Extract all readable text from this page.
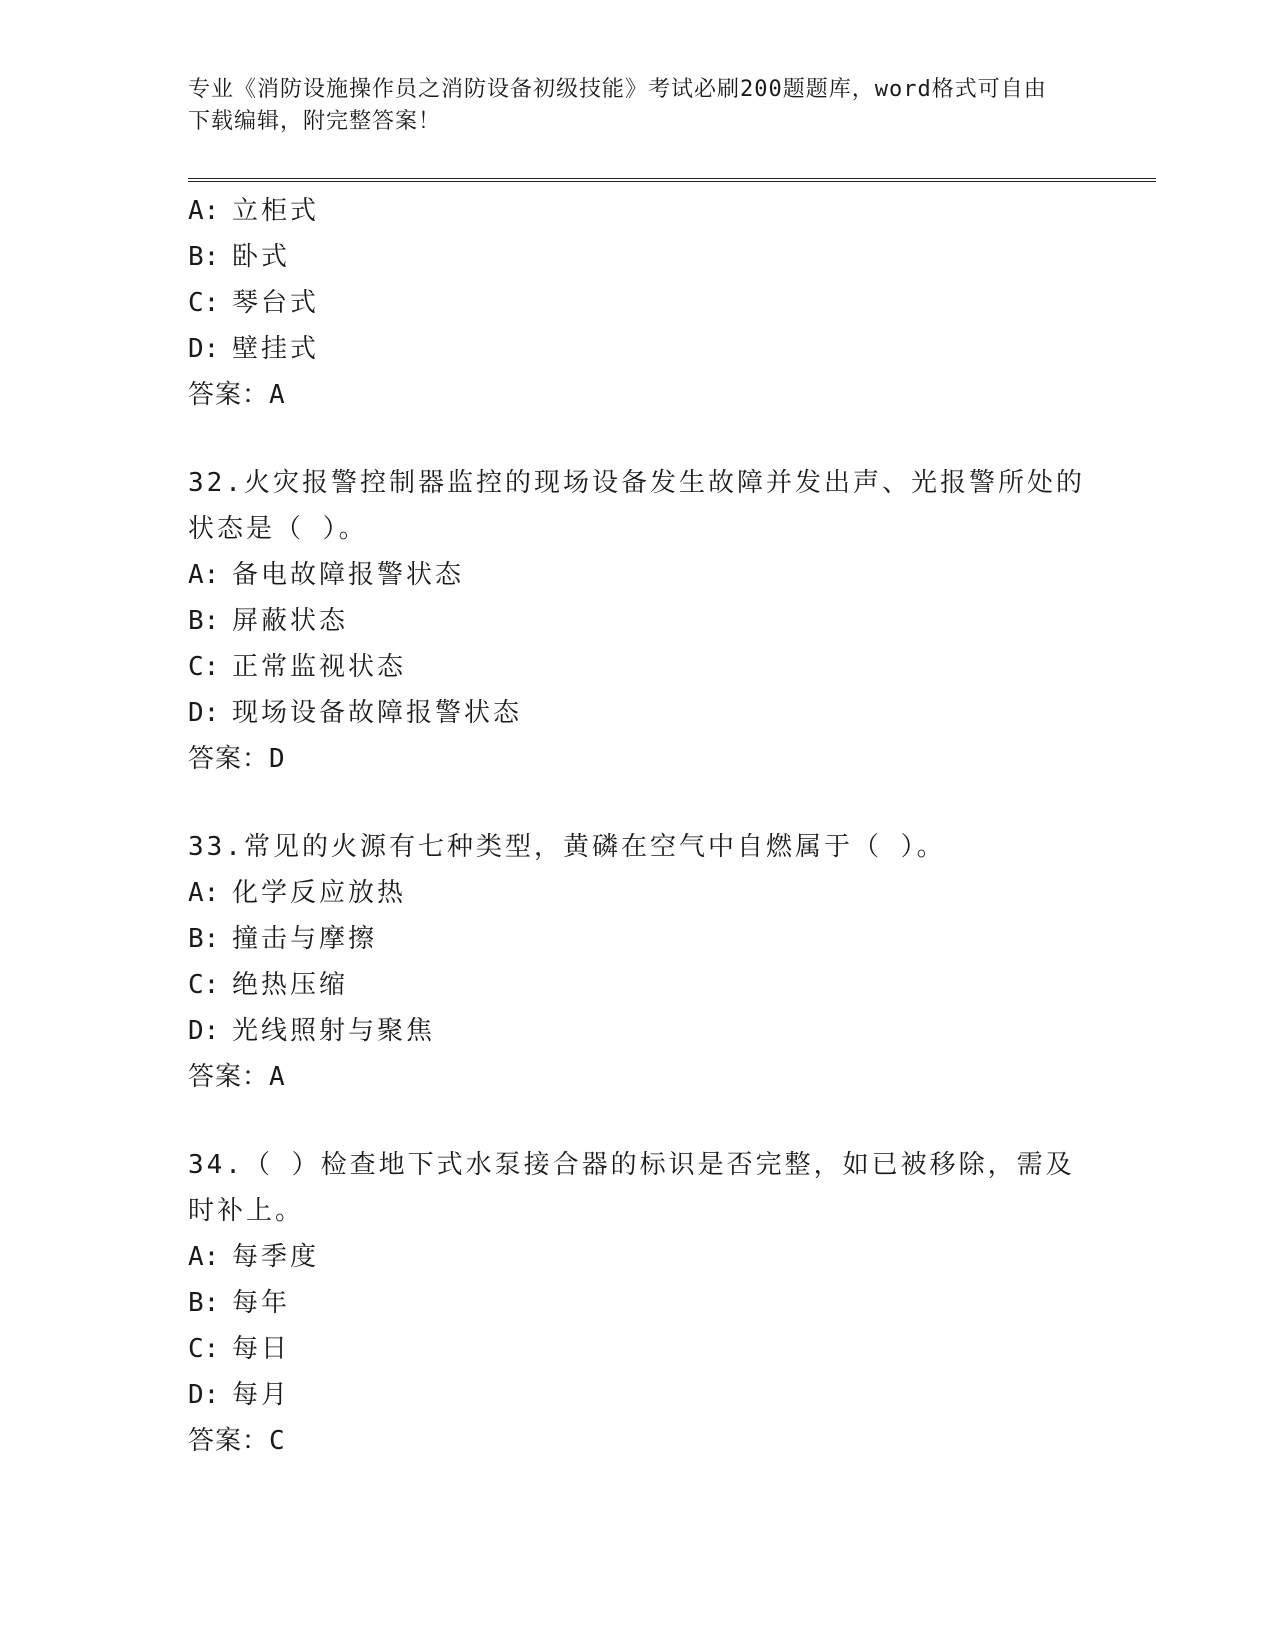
专业《消防设施操作员之消防设备初级技能》考试必刷200题题库，word格式可自由下载编辑，附完整答案！
A: 立柜式
B: 卧式
C: 琴台式
D: 壁挂式
答案：A
32.火灾报警控制器监控的现场设备发生故障并发出声、光报警所处的状态是（ ）。
A: 备电故障报警状态
B: 屏蔽状态
C: 正常监视状态
D: 现场设备故障报警状态
答案：D
33.常见的火源有七种类型，黄磷在空气中自燃属于（ ）。
A: 化学反应放热
B: 撞击与摩擦
C: 绝热压缩
D: 光线照射与聚焦
答案：A
34.（ ）检查地下式水泵接合器的标识是否完整，如已被移除，需及时补上。
A: 每季度
B: 每年
C: 每日
D: 每月
答案：C
